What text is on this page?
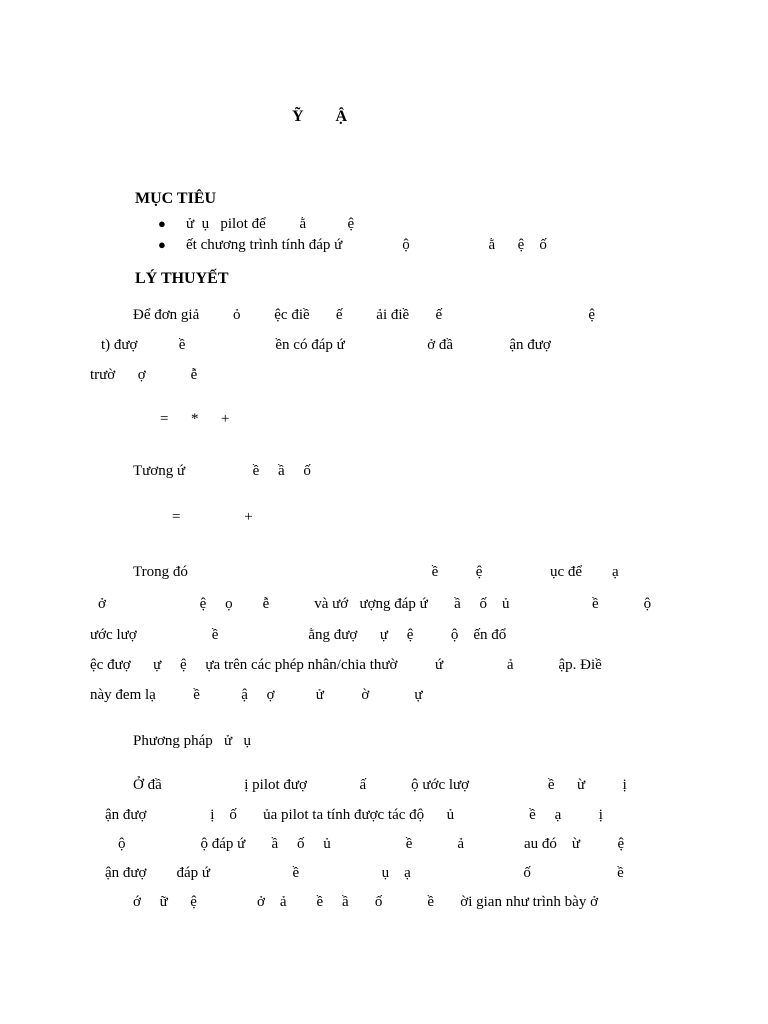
Ỹ        Ậ
MỤC TIÊU
● ử  ụ   pilot để         ằ           ệ
● ết chương trình tính đáp ứ                ộ                     ằ      ệ    ố
LÝ THUYẾT
Để đơn giả         ỏ         ệc điề       ế         ải điề       ế                                       ệ
t) đượ           ề                        ền có đáp ứ                      ở đầ               ận đượ
trườ      ợ            ễ
=      *      +
Tương ứ                  ề     ầ     ố
=                 +
Trong đó                                                                 ề          ệ                  ục để        ạ
ở                         ệ     ọ        ễ            và ướ   ượng đáp ứ       ầ     ố    ủ                      ề            ộ
ước lượ                    ề                        ằng đượ      ự     ệ          ộ    ến đổ
ệc đượ      ự     ệ     ựa trên các phép nhân/chia thườ          ứ                 ả            ập. Điề
này đem lạ          ề           ậ     ợ           ử          ờ            ự
Phương pháp   ử   ụ
Ở đầ                      ị pilot đượ              ấ            ộ ước lượ                     ề      ừ          ị
ận đượ                 ị    ố       ủa pilot ta tính được tác độ      ủ                    ề     ạ          ị
ộ                    ộ đáp ứ       ầ     ố     ủ                    ề            ả                au đó    ừ          ệ
ận đượ        đáp ứ                      ề                      ụ    ạ                              ố                       ề
ớ     ữ      ệ                ở    ả        ề     ầ       ố            ề       ời gian như trình bày ở
